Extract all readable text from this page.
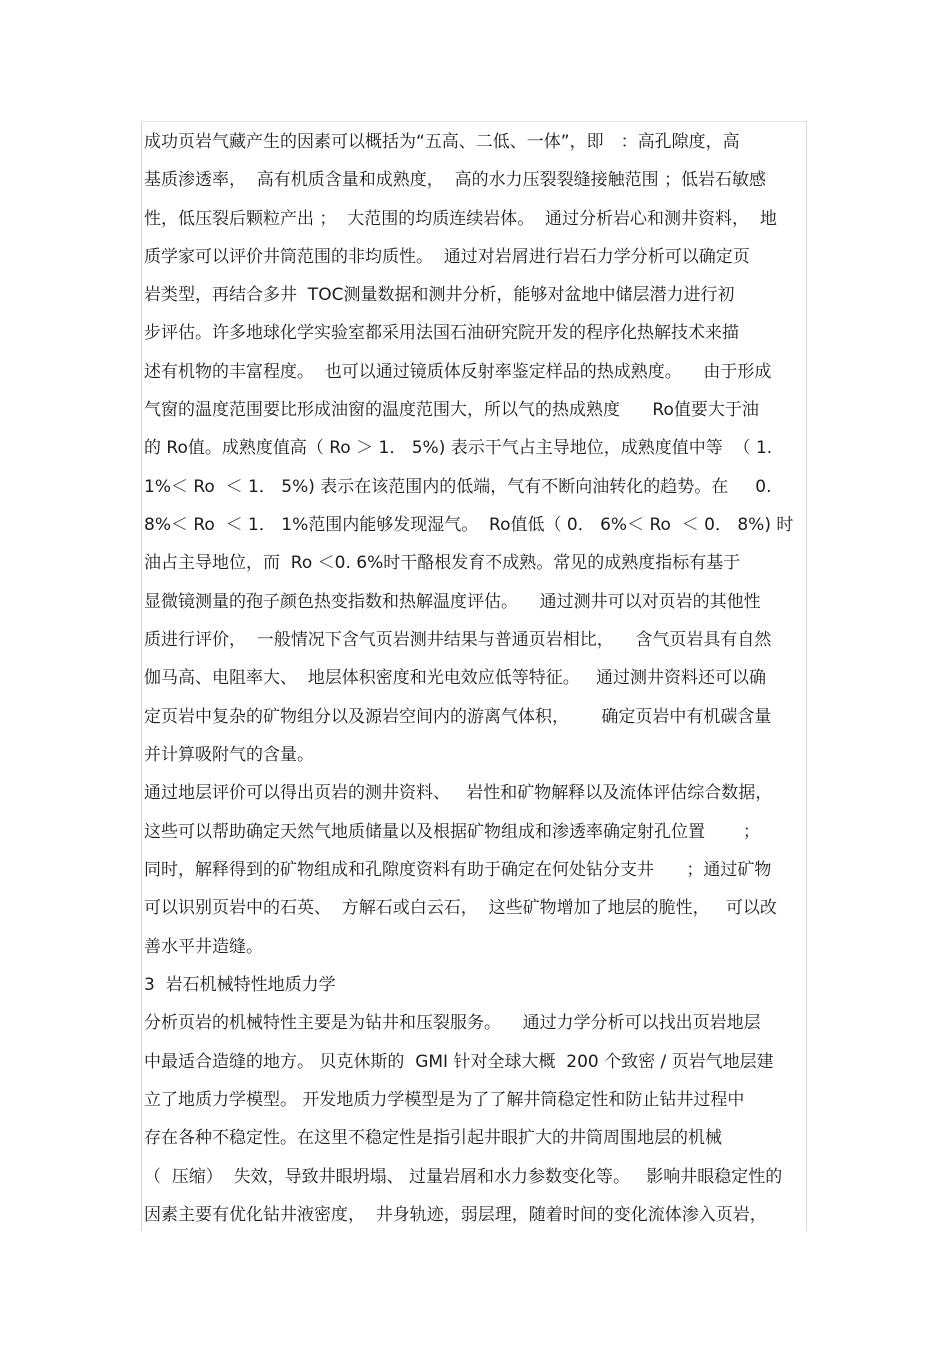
成功页岩气藏产生的因素可以概括为“五高、二低、一体”，即　：高孔隙度，高
基质渗透率，  高有机质含量和成熟度，  高的水力压裂裂缝接触范围 ；低岩石敏感
性，低压裂后颗粒产出 ；  大范围的均质连续岩体。  通过分析岩心和测井资料，  地
质学家可以评价井筒范围的非均质性。  通过对岩屑进行岩石力学分析可以确定页
岩类型，再结合多井  TOC测量数据和测井分析，能够对盆地中储层潜力进行初
步评估。许多地球化学实验室都采用法国石油研究院开发的程序化热解技术来描
述有机物的丰富程度。  也可以通过镜质体反射率鉴定样品的热成熟度。    由于形成
气窗的温度范围要比形成油窗的温度范围大，所以气的热成熟度      Ro值要大于油
的 Ro值。成熟度值高（ Ro ＞ 1． 5%) 表示干气占主导地位，成熟度值中等  （ 1.
1%＜ Ro  ＜ 1． 5%) 表示在该范围内的低端，气有不断向油转化的趋势。在     0.
8%＜ Ro  ＜ 1． 1%范围内能够发现湿气。  Ro值低（ 0． 6%＜ Ro  ＜ 0． 8%) 时
油占主导地位，而  Ro ＜0. 6%时干酪根发育不成熟。常见的成熟度指标有基于
显微镜测量的孢子颜色热变指数和热解温度评估。    通过测井可以对页岩的其他性
质进行评价，  一般情况下含气页岩测井结果与普通页岩相比，    含气页岩具有自然
伽马高、电阻率大、  地层体积密度和光电效应低等特征。   通过测井资料还可以确
定页岩中复杂的矿物组分以及源岩空间内的游离气体积，      确定页岩中有机碳含量
并计算吸附气的含量。
通过地层评价可以得出页岩的测井资料、   岩性和矿物解释以及流体评估综合数据，
这些可以帮助确定天然气地质储量以及根据矿物组成和渗透率确定射孔位置       ；
同时，解释得到的矿物组成和孔隙度资料有助于确定在何处钻分支井      ；通过矿物
可以识别页岩中的石英、  方解石或白云石，  这些矿物增加了地层的脆性，   可以改
善水平井造缝。
3  岩石机械特性地质力学
分析页岩的机械特性主要是为钻井和压裂服务。    通过力学分析可以找出页岩地层
中最适合造缝的地方。 贝克休斯的  GMI 针对全球大概  200 个致密 / 页岩气地层建
立了地质力学模型。 开发地质力学模型是为了了解井筒稳定性和防止钻井过程中
存在各种不稳定性。在这里不稳定性是指引起井眼扩大的井筒周围地层的机械
（  压缩）  失效，导致井眼坍塌、 过量岩屑和水力参数变化等。   影响井眼稳定性的
因素主要有优化钻井液密度，  井身轨迹，弱层理，随着时间的变化流体渗入页岩，
